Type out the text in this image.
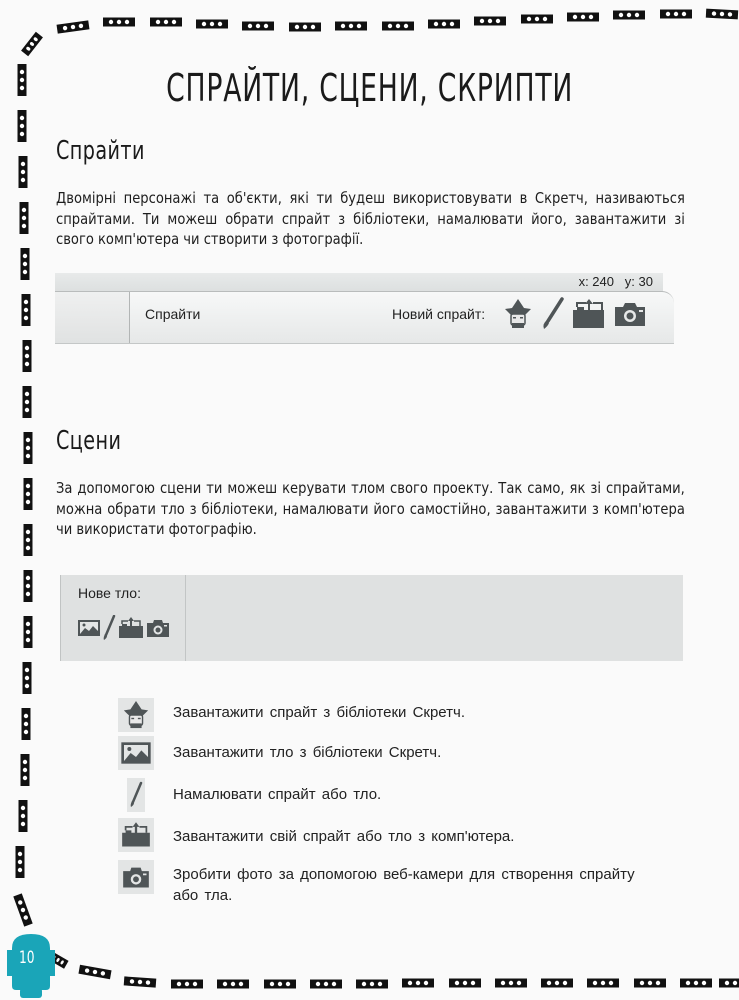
СПРАЙТИ, СЦЕНИ, СКРИПТИ
Спрайти
Двомірні персонажі та об'єкти, які ти будеш використовувати в Скретч, називаються спрайтами. Ти можеш обрати спрайт з бібліотеки, намалювати його, завантажити зі свого комп'ютера чи створити з фотографії.
x: 240   y: 30
Спрайти	Новий спрайт:
Сцени
За допомогою сцени ти можеш керувати тлом свого проекту. Так само, як зі спрайтами, можна обрати тло з бібліотеки, намалювати його самостійно, завантажити з комп'ютера чи використати фотографію.
Нове тло:
Завантажити спрайт з бібліотеки Скретч.
Завантажити тло з бібліотеки Скретч.
Намалювати спрайт або тло.
Завантажити свій спрайт або тло з комп'ютера.
Зробити фото за допомогою веб-камери для створення спрайту
або тла.
10
